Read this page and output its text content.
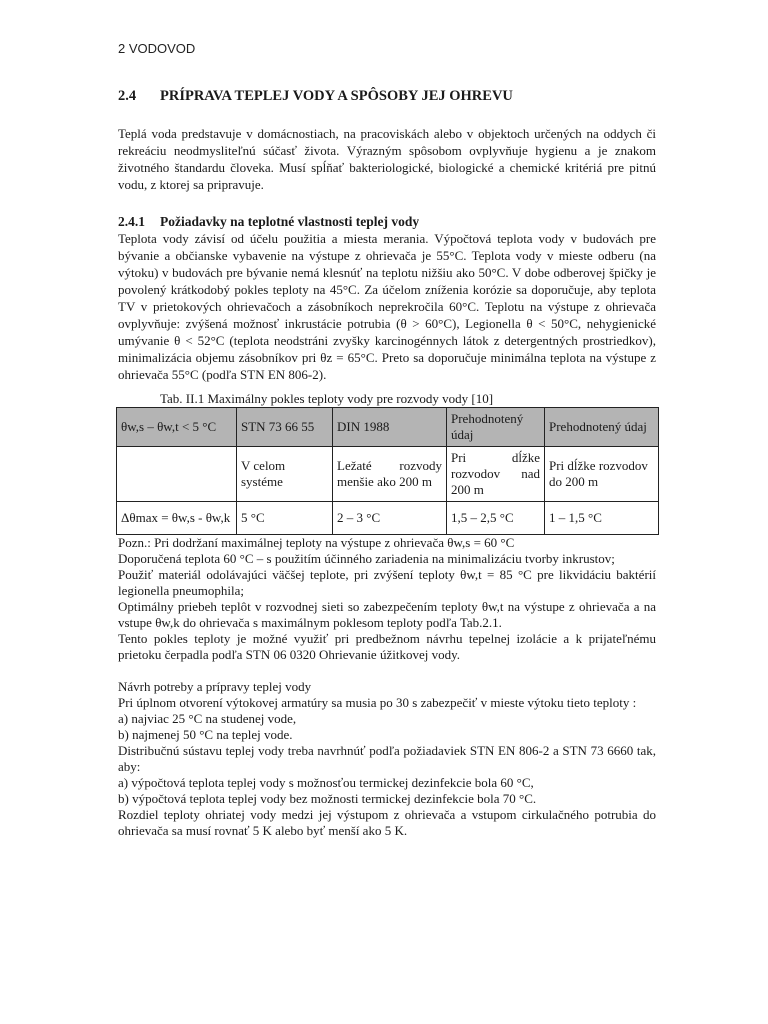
2 VODOVOD
2.4 PRÍPRAVA TEPLEJ VODY A SPÔSOBY JEJ OHREVU

Teplá voda predstavuje v domácnostiach, na pracoviskách alebo v objektoch určených na oddych či rekreáciu neodmysliteľnú súčasť života. Výrazným spôsobom ovplyvňuje hygienu a je znakom životného štandardu človeka. Musí spĺňať bakteriologické, biologické a chemické kritériá pre pitnú vodu, z ktorej sa pripravuje.

2.4.1 Požiadavky na teplotné vlastnosti teplej vody

Teplota vody závisí od účelu použitia a miesta merania. Výpočtová teplota vody v budovách pre bývanie a občianske vybavenie na výstupe z ohrievača je 55°C. Teplota vody v mieste odberu (na výtoku) v budovách pre bývanie nemá klesnúť na teplotu nižšiu ako 50°C. V dobe odberovej špičky je povolený krátkodobý pokles teploty na 45°C. Za účelom zníženia korózie sa doporučuje, aby teplota TV v prietokových ohrievačoch a zásobníkoch neprekročila 60°C. Teplotu na výstupe z ohrievača ovplyvňuje: zvýšená možnosť inkrustácie potrubia (θ > 60°C), Legionella θ < 50°C, nehygienické umývanie θ < 52°C (teplota neodstráni zvyšky karcinogénnych látok z detergentných prostriedkov), minimalizácia objemu zásobníkov pri θz = 65°C. Preto sa doporučuje minimálna teplota na výstupe z ohrievača 55°C (podľa STN EN 806-2).

Tab. II.1 Maximálny pokles teploty vody pre rozvody vody [10]
θw,s – θw,t < 5 °C	STN 73 66 55	DIN 1988	Prehodnotený údaj	Prehodnotený údaj
	V celom systéme	Ležaté rozvody menšie ako 200 m	Pri dĺžke rozvodov nad 200 m	Pri dĺžke rozvodov do 200 m
Δθmax = θw,s - θw,k	5 °C	2 – 3 °C	1,5 – 2,5 °C	1 – 1,5 °C

Pozn.: Pri dodržaní maximálnej teploty na výstupe z ohrievača θw,s = 60 °C

Doporučená teplota 60 °C – s použitím účinného zariadenia na minimalizáciu tvorby inkrustov;

Použiť materiál odolávajúci väčšej teplote, pri zvýšení teploty θw,t = 85 °C pre likvidáciu baktérií legionella pneumophila;

Optimálny priebeh teplôt v rozvodnej sieti so zabezpečením teploty θw,t na výstupe z ohrievača a na vstupe θw,k do ohrievača s maximálnym poklesom teploty podľa Tab.2.1.

Tento pokles teploty je možné využiť pri predbežnom návrhu tepelnej izolácie a k prijateľnému prietoku čerpadla podľa STN 06 0320 Ohrievanie úžitkovej vody.

Návrh potreby a prípravy teplej vody

Pri úplnom otvorení výtokovej armatúry sa musia po 30 s zabezpečiť v mieste výtoku tieto teploty :

a) najviac 25 °C na studenej vode,

b) najmenej 50 °C na teplej vode.

Distribučnú sústavu teplej vody treba navrhnúť podľa požiadaviek STN EN 806-2 a STN 73 6660 tak, aby:

a) výpočtová teplota teplej vody s možnosťou termickej dezinfekcie bola 60 °C,

b) výpočtová teplota teplej vody bez možnosti termickej dezinfekcie bola 70 °C.

Rozdiel teploty ohriatej vody medzi jej výstupom z ohrievača a vstupom cirkulačného potrubia do ohrievača sa musí rovnať 5 K alebo byť menší ako 5 K.
